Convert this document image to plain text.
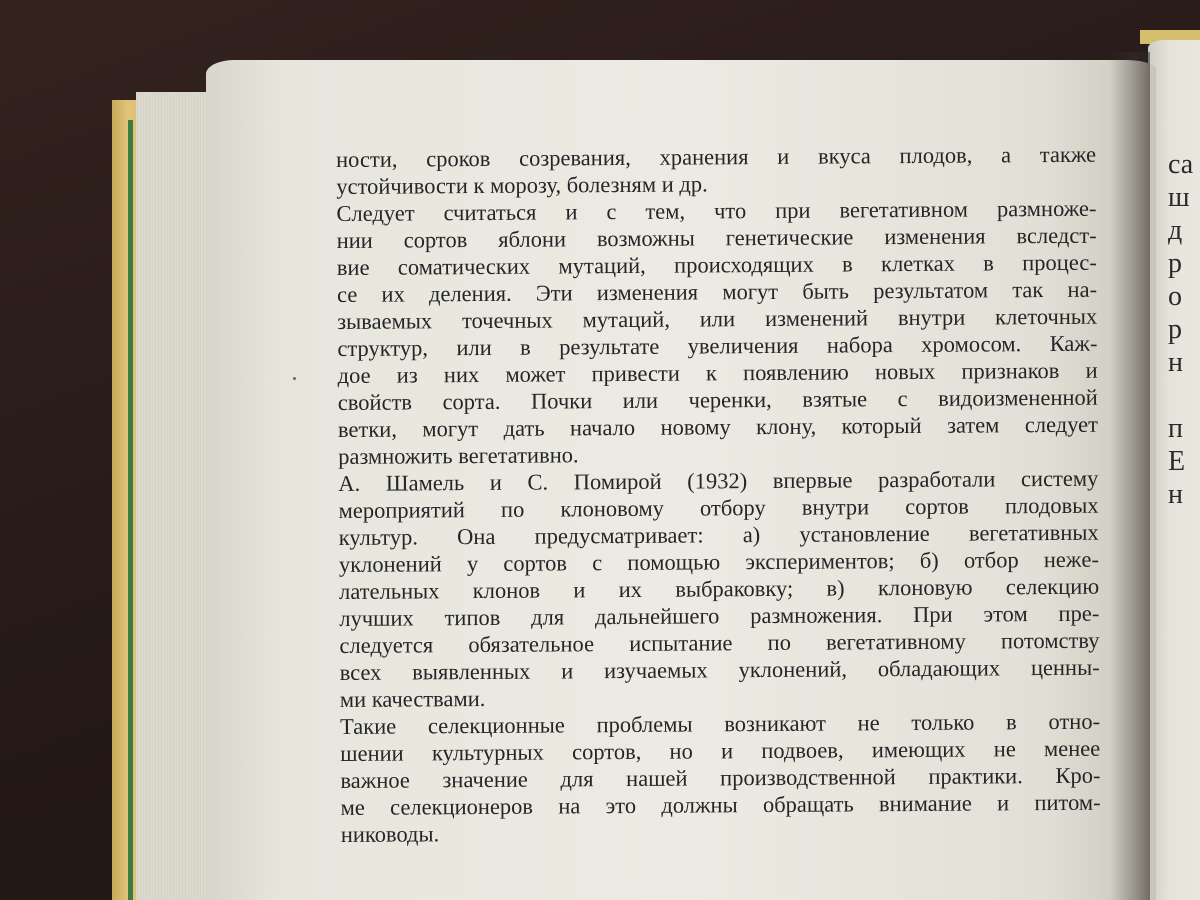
ности, сроков созревания, хранения и вкуса плодов, а также
устойчивости к морозу, болезням и др.
Следует считаться и с тем, что при вегетативном размноже-
нии сортов яблони возможны генетические изменения вследст-
вие соматических мутаций, происходящих в клетках в процес-
се их деления. Эти изменения могут быть результатом так на-
зываемых точечных мутаций, или изменений внутри клеточных
структур, или в результате увеличения набора хромосом. Каж-
дое из них может привести к появлению новых признаков и
свойств сорта. Почки или черенки, взятые с видоизмененной
ветки, могут дать начало новому клону, который затем следует
размножить вегетативно.
А. Шамель и С. Помирой (1932) впервые разработали систему
мероприятий по клоновому отбору внутри сортов плодовых
культур. Она предусматривает: а) установление вегетативных
уклонений у сортов с помощью экспериментов; б) отбор нежe-
лательных клонов и их выбраковку; в) клоновую селекцию
лучших типов для дальнейшего размножения. При этом пре-
следуется обязательное испытание по вегетативному потомству
всех выявленных и изучаемых уклонений, обладающих ценны-
ми качествами.
Такие селекционные проблемы возникают не только в отно-
шении культурных сортов, но и подвоев, имеющих не менее
важное значение для нашей производственной практики. Кро-
ме селекционеров на это должны обращать внимание и питом-
ниководы.
са
ш
д
р
о
р
н
п
Е
н
